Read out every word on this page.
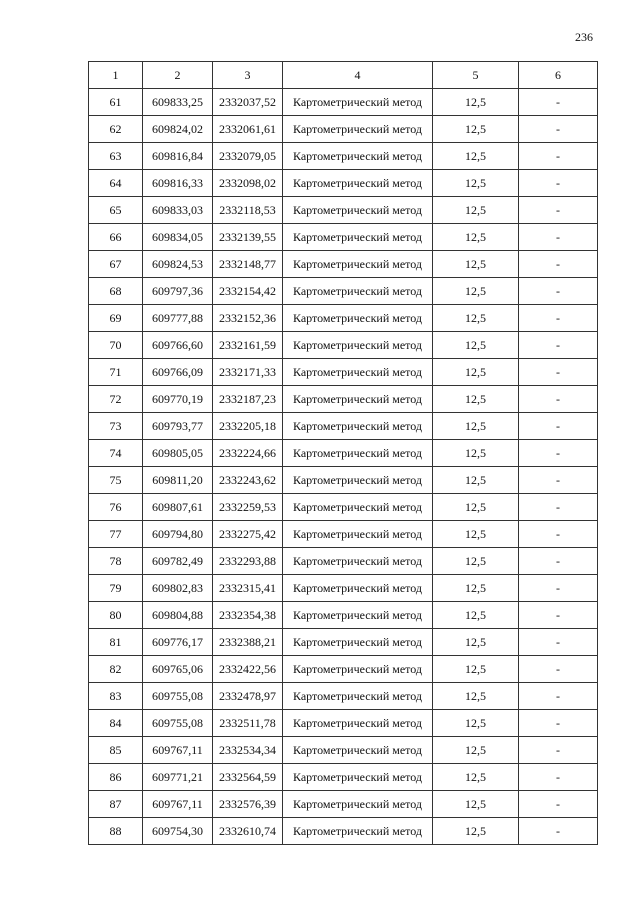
236
1	2	3	4	5	6
61	609833,25	2332037,52	Картометрический метод	12,5	-
62	609824,02	2332061,61	Картометрический метод	12,5	-
63	609816,84	2332079,05	Картометрический метод	12,5	-
64	609816,33	2332098,02	Картометрический метод	12,5	-
65	609833,03	2332118,53	Картометрический метод	12,5	-
66	609834,05	2332139,55	Картометрический метод	12,5	-
67	609824,53	2332148,77	Картометрический метод	12,5	-
68	609797,36	2332154,42	Картометрический метод	12,5	-
69	609777,88	2332152,36	Картометрический метод	12,5	-
70	609766,60	2332161,59	Картометрический метод	12,5	-
71	609766,09	2332171,33	Картометрический метод	12,5	-
72	609770,19	2332187,23	Картометрический метод	12,5	-
73	609793,77	2332205,18	Картометрический метод	12,5	-
74	609805,05	2332224,66	Картометрический метод	12,5	-
75	609811,20	2332243,62	Картометрический метод	12,5	-
76	609807,61	2332259,53	Картометрический метод	12,5	-
77	609794,80	2332275,42	Картометрический метод	12,5	-
78	609782,49	2332293,88	Картометрический метод	12,5	-
79	609802,83	2332315,41	Картометрический метод	12,5	-
80	609804,88	2332354,38	Картометрический метод	12,5	-
81	609776,17	2332388,21	Картометрический метод	12,5	-
82	609765,06	2332422,56	Картометрический метод	12,5	-
83	609755,08	2332478,97	Картометрический метод	12,5	-
84	609755,08	2332511,78	Картометрический метод	12,5	-
85	609767,11	2332534,34	Картометрический метод	12,5	-
86	609771,21	2332564,59	Картометрический метод	12,5	-
87	609767,11	2332576,39	Картометрический метод	12,5	-
88	609754,30	2332610,74	Картометрический метод	12,5	-
